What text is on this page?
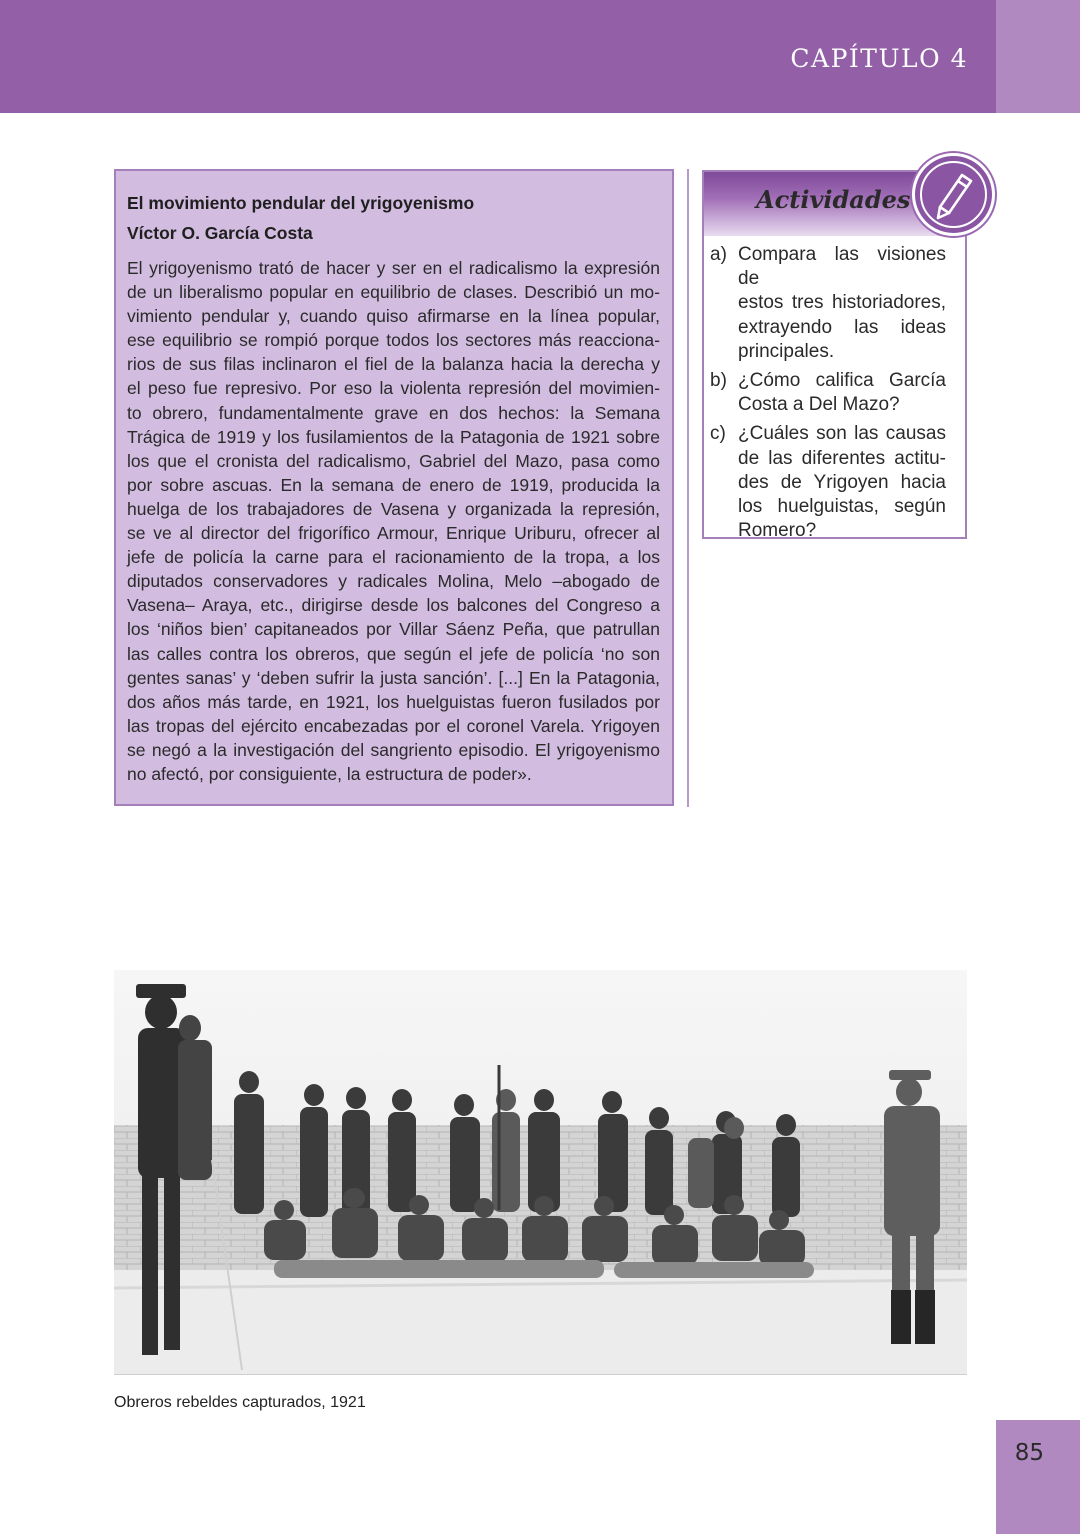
CAPÍTULO 4
El movimiento pendular del yrigoyenismo
Víctor O. García Costa
El yrigoyenismo trató de hacer y ser en el radicalismo la expresión
de un liberalismo popular en equilibrio de clases. Describió un mo-
vimiento pendular y, cuando quiso afirmarse en la línea popular,
ese equilibrio se rompió porque todos los sectores más reacciona-
rios de sus filas inclinaron el fiel de la balanza hacia la derecha y
el peso fue represivo. Por eso la violenta represión del movimien-
to obrero, fundamentalmente grave en dos hechos: la Semana
Trágica de 1919 y los fusilamientos de la Patagonia de 1921 sobre
los que el cronista del radicalismo, Gabriel del Mazo, pasa como
por sobre ascuas. En la semana de enero de 1919, producida la
huelga de los trabajadores de Vasena y organizada la represión,
se ve al director del frigorífico Armour, Enrique Uriburu, ofrecer al
jefe de policía la carne para el racionamiento de la tropa, a los
diputados conservadores y radicales Molina, Melo –abogado de
Vasena– Araya, etc., dirigirse desde los balcones del Congreso a
los ‘niños bien’ capitaneados por Villar Sáenz Peña, que patrullan
las calles contra los obreros, que según el jefe de policía ‘no son
gentes sanas’ y ‘deben sufrir la justa sanción’. [...] En la Patagonia,
dos años más tarde, en 1921, los huelguistas fueron fusilados por
las tropas del ejército encabezadas por el coronel Varela. Yrigoyen
se negó a la investigación del sangriento episodio. El yrigoyenismo
no afectó, por consiguiente, la estructura de poder».
Actividades
a) Compara las visiones de
estos tres historiadores,
extrayendo las ideas
principales.
b) ¿Cómo califica García
Costa a Del Mazo?
c) ¿Cuáles son las causas
de las diferentes actitu-
des de Yrigoyen hacia
los huelguistas, según
Romero?
Obreros rebeldes capturados, 1921
85
